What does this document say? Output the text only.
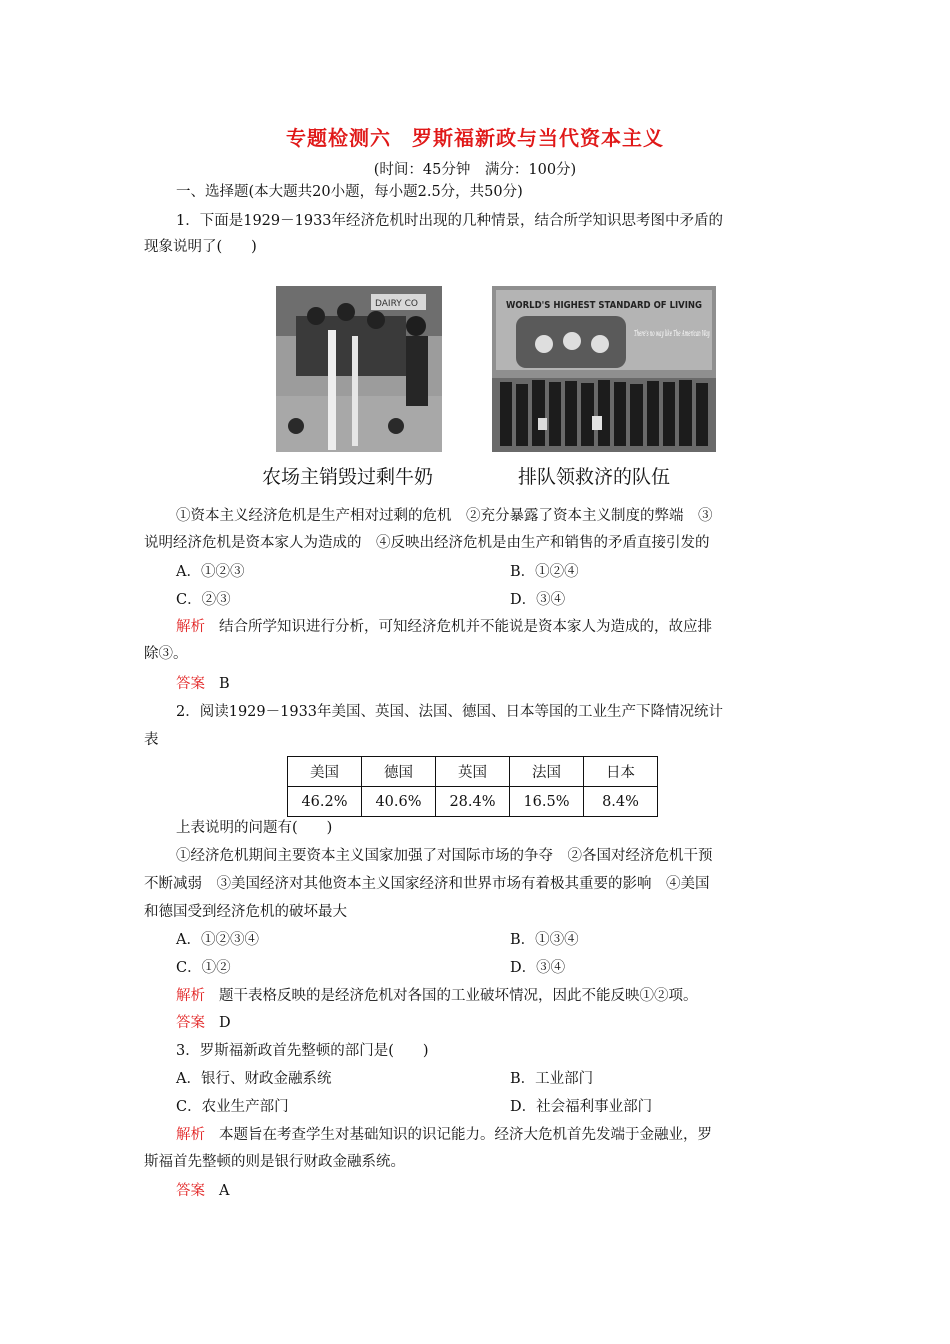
专题检测六　罗斯福新政与当代资本主义
(时间：45分钟　满分：100分)
一、选择题(本大题共20小题，每小题2.5分，共50分)
1．下面是1929－1933年经济危机时出现的几种情景，结合所学知识思考图中矛盾的
现象说明了(　　)
DAIRY CO	WORLD'S HIGHEST STANDARD OF LIVING
There's no way like The American Way
农场主销毁过剩牛奶	排队领救济的队伍
①资本主义经济危机是生产相对过剩的危机　②充分暴露了资本主义制度的弊端　③
说明经济危机是资本家人为造成的　④反映出经济危机是由生产和销售的矛盾直接引发的
A．①②③	B．①②④
C．②③	D．③④
解析 结合所学知识进行分析，可知经济危机并不能说是资本家人为造成的，故应排
除③。
答案 B
2．阅读1929－1933年美国、英国、法国、德国、日本等国的工业生产下降情况统计
表
美国	德国	英国	法国	日本
46.2%	40.6%	28.4%	16.5%	8.4%
上表说明的问题有(　　)
①经济危机期间主要资本主义国家加强了对国际市场的争夺　②各国对经济危机干预
不断减弱　③美国经济对其他资本主义国家经济和世界市场有着极其重要的影响　④美国
和德国受到经济危机的破坏最大
A．①②③④	B．①③④
C．①②	D．③④
解析 题干表格反映的是经济危机对各国的工业破坏情况，因此不能反映①②项。
答案 D
3．罗斯福新政首先整顿的部门是(　　)
A．银行、财政金融系统	B．工业部门
C．农业生产部门	D．社会福利事业部门
解析 本题旨在考查学生对基础知识的识记能力。经济大危机首先发端于金融业，罗
斯福首先整顿的则是银行财政金融系统。
答案 A
